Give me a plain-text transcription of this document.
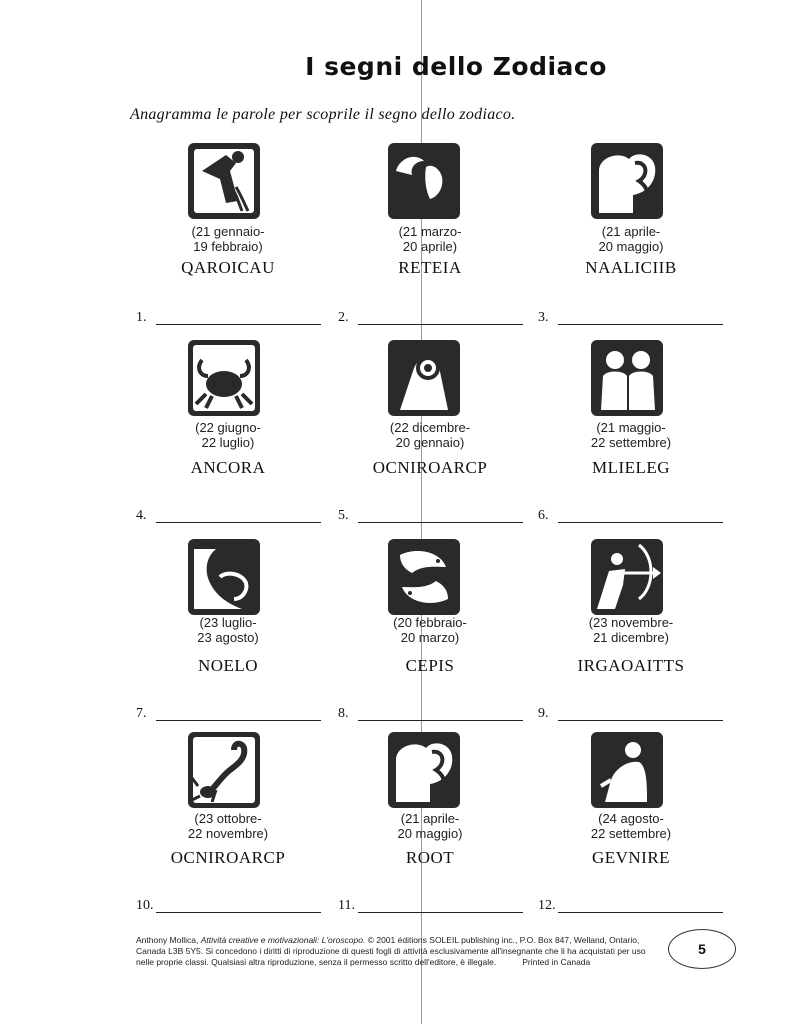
I segni dello Zodiaco
Anagramma le parole per scoprile il segno dello zodiaco.
(21 gennaio-
19 febbraio)
QAROICAU
1.
(21 marzo-
20 aprile)
RETEIA
2.
(21 aprile-
20 maggio)
NAALICIIB
3.
(22 giugno-
22 luglio)
ANCORA
4.
(22 dicembre-
20 gennaio)
OCNIROARCP
5.
(21 maggio-
22 settembre)
MLIELEG
6.
(23 luglio-
23 agosto)
NOELO
7.
(20 febbraio-
20 marzo)
CEPIS
8.
(23 novembre-
21 dicembre)
IRGAOAITTS
9.
(23 ottobre-
22 novembre)
OCNIROARCP
10.
(21 aprile-
20 maggio)
ROOT
11.
(24 agosto-
22 settembre)
GEVNIRE
12.
Anthony Mollica, Attività creative e motivazionali: L'oroscopo. © 2001 éditions SOLEIL publishing inc., P.O. Box 847, Welland, Ontario,
Canada L3B 5Y5. Si concedono i diritti di riproduzione di questi fogli di attività esclusivamente all'insegnante che li ha acquistati per uso
nelle proprie classi. Qualsiasi altra riproduzione, senza il permesso scritto dell'editore, è illegale.	Printed in Canada
5
